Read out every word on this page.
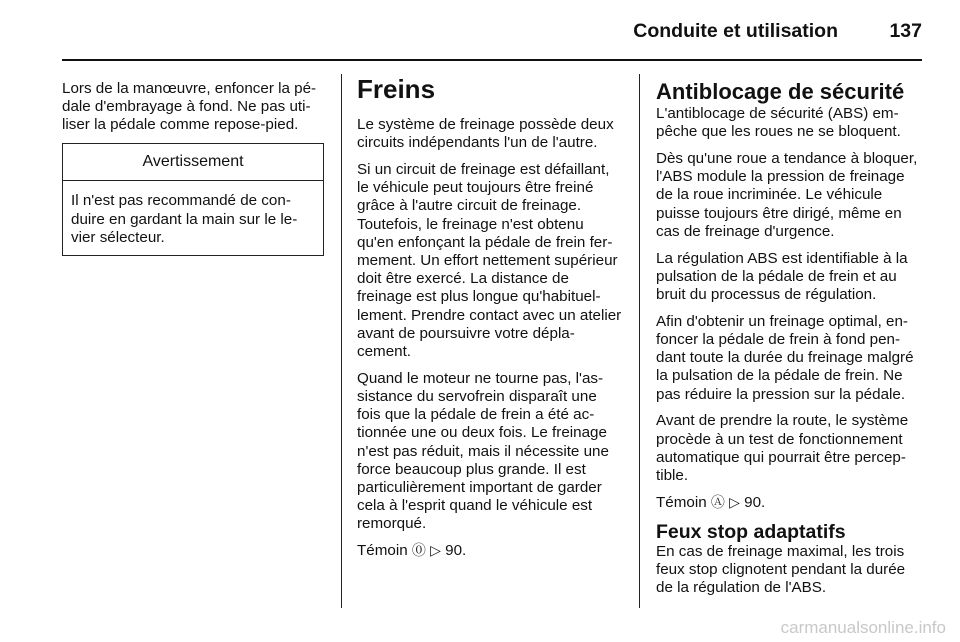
Conduite et utilisation	137

Lors de la manœuvre, enfoncer la pédale d'embrayage à fond. Ne pas utiliser la pédale comme repose-pied.

Avertissement
Il n'est pas recommandé de conduire en gardant la main sur le levier sélecteur.
Freins

Le système de freinage possède deux circuits indépendants l'un de l'autre.

Si un circuit de freinage est défaillant, le véhicule peut toujours être freiné grâce à l'autre circuit de freinage. Toutefois, le freinage n'est obtenu qu'en enfonçant la pédale de frein fermement. Un effort nettement supérieur doit être exercé. La distance de freinage est plus longue qu'habituellement. Prendre contact avec un atelier avant de poursuivre votre déplacement.

Quand le moteur ne tourne pas, l'assistance du servofrein disparaît une fois que la pédale de frein a été actionnée une ou deux fois. Le freinage n'est pas réduit, mais il nécessite une force beaucoup plus grande. Il est particulièrement important de garder cela à l'esprit quand le véhicule est remorqué.

Témoin ⓪ ▷ 90.

Antiblocage de sécurité

L'antiblocage de sécurité (ABS) empêche que les roues ne se bloquent.

Dès qu'une roue a tendance à bloquer, l'ABS module la pression de freinage de la roue incriminée. Le véhicule puisse toujours être dirigé, même en cas de freinage d'urgence.

La régulation ABS est identifiable à la pulsation de la pédale de frein et au bruit du processus de régulation.

Afin d'obtenir un freinage optimal, enfoncer la pédale de frein à fond pendant toute la durée du freinage malgré la pulsation de la pédale de frein. Ne pas réduire la pression sur la pédale.

Avant de prendre la route, le système procède à un test de fonctionnement automatique qui pourrait être perceptible.

Témoin Ⓐ ▷ 90.

Feux stop adaptatifs

En cas de freinage maximal, les trois feux stop clignotent pendant la durée de la régulation de l'ABS.

carmanualsonline.info
